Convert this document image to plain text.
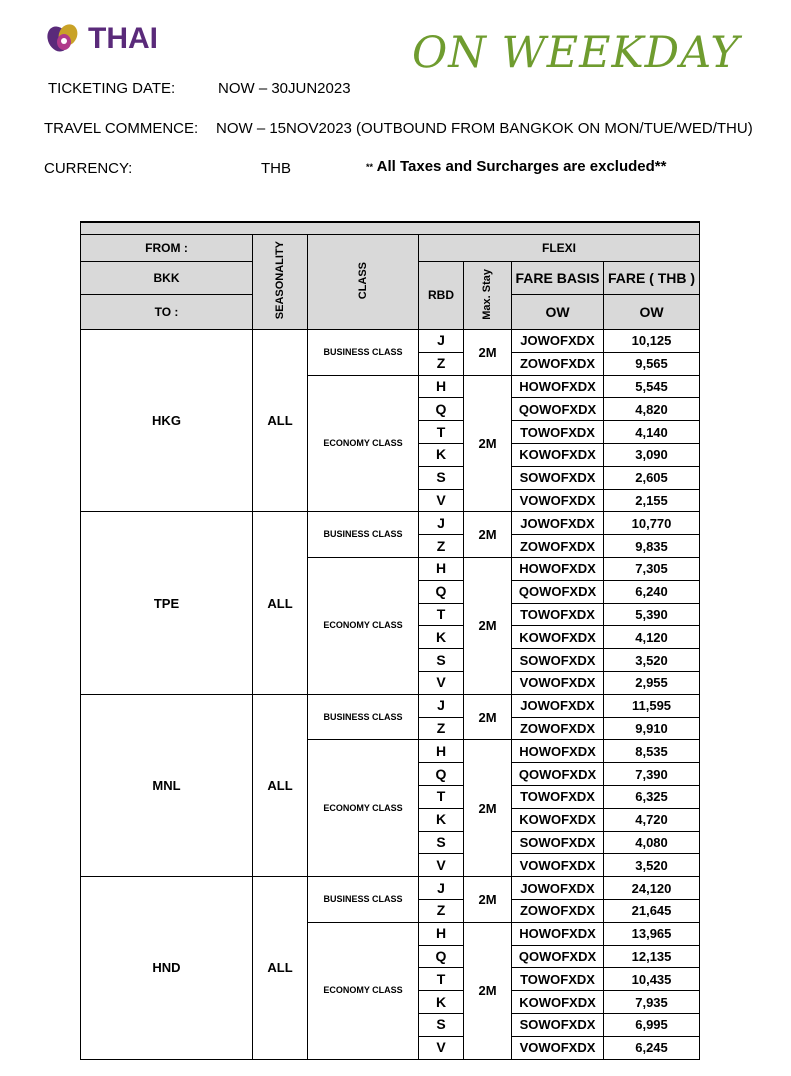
THAI	ON WEEKDAY
TICKETING DATE:	NOW – 30JUN2023
TRAVEL COMMENCE: NOW – 15NOV2023 (OUTBOUND FROM BANGKOK ON MON/TUE/WED/THU)
CURRENCY:	THB	** All Taxes and Surcharges are excluded**

FROM :	SEASONALITY	CLASS	FLEXI			
BKK			RBD	Max. Stay	FARE BASIS	FARE ( THB )
TO :					OW	OW
HKG	ALL	BUSINESS CLASS	J	2M	JOWOFXDX	10,125
			Z		ZOWOFXDX	9,565
		ECONOMY CLASS	H	2M	HOWOFXDX	5,545
			Q		QOWOFXDX	4,820
			T		TOWOFXDX	4,140
			K		KOWOFXDX	3,090
			S		SOWOFXDX	2,605
			V		VOWOFXDX	2,155
TPE	ALL	BUSINESS CLASS	J	2M	JOWOFXDX	10,770
			Z		ZOWOFXDX	9,835
		ECONOMY CLASS	H	2M	HOWOFXDX	7,305
			Q		QOWOFXDX	6,240
			T		TOWOFXDX	5,390
			K		KOWOFXDX	4,120
			S		SOWOFXDX	3,520
			V		VOWOFXDX	2,955
MNL	ALL	BUSINESS CLASS	J	2M	JOWOFXDX	11,595
			Z		ZOWOFXDX	9,910
		ECONOMY CLASS	H	2M	HOWOFXDX	8,535
			Q		QOWOFXDX	7,390
			T		TOWOFXDX	6,325
			K		KOWOFXDX	4,720
			S		SOWOFXDX	4,080
			V		VOWOFXDX	3,520
HND	ALL	BUSINESS CLASS	J	2M	JOWOFXDX	24,120
			Z		ZOWOFXDX	21,645
		ECONOMY CLASS	H	2M	HOWOFXDX	13,965
			Q		QOWOFXDX	12,135
			T		TOWOFXDX	10,435
			K		KOWOFXDX	7,935
			S		SOWOFXDX	6,995
			V		VOWOFXDX	6,245
